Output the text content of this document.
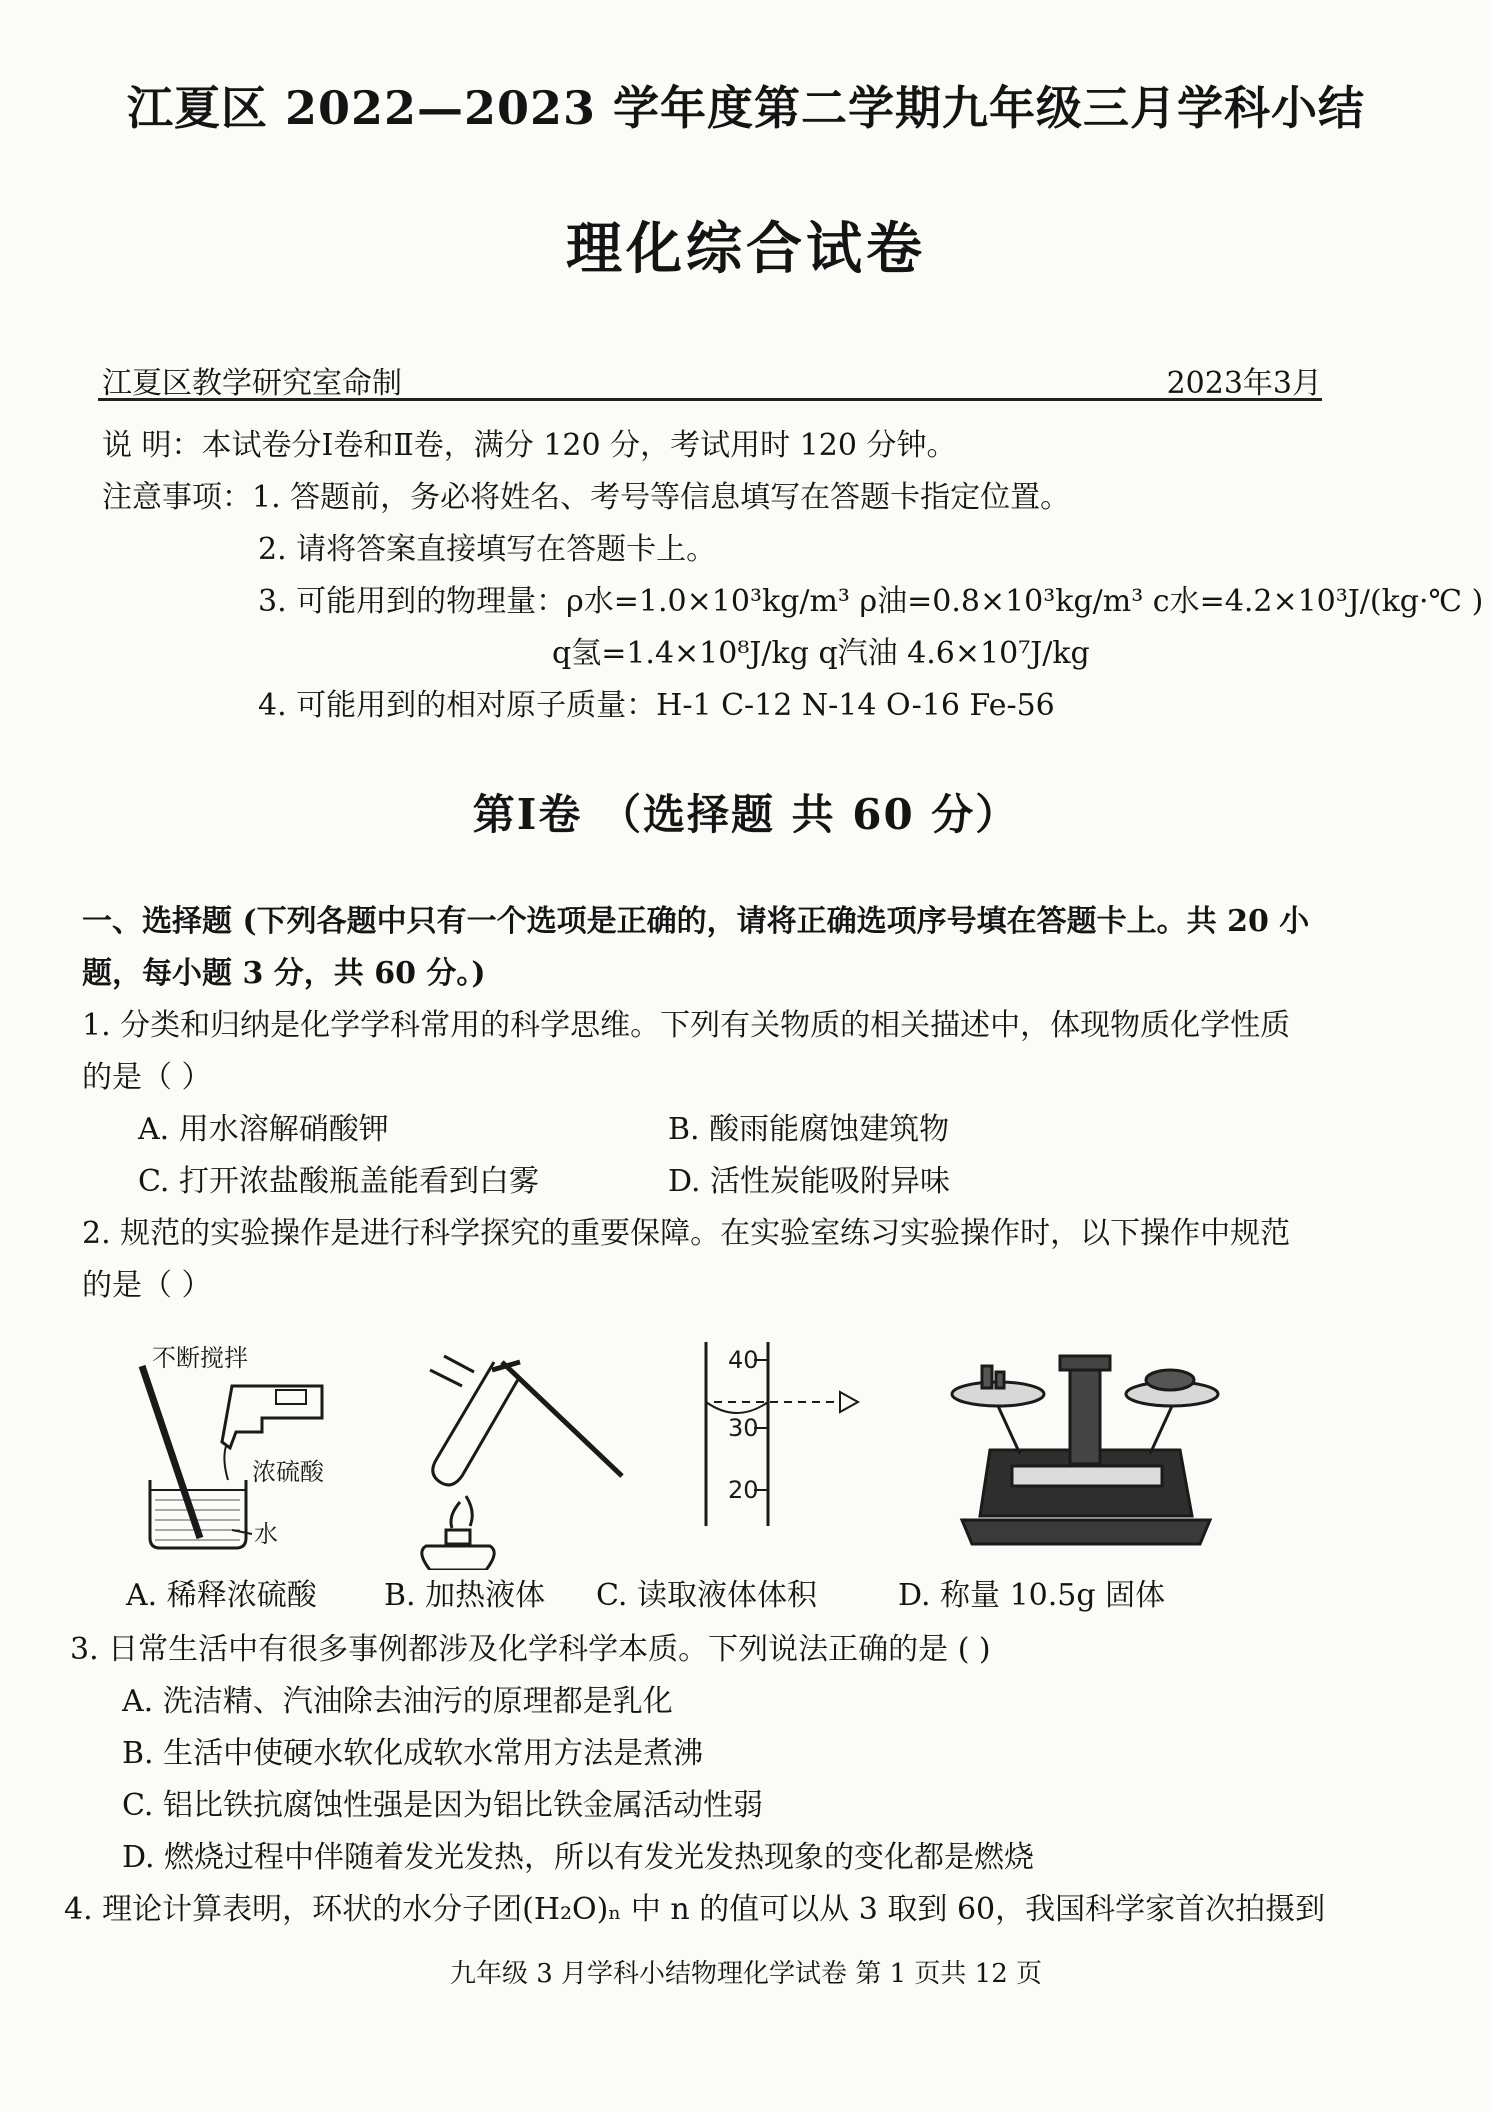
江夏区 2022—2023 学年度第二学期九年级三月学科小结
理化综合试卷
江夏区教学研究室命制	2023年3月
说 明：本试卷分Ⅰ卷和Ⅱ卷，满分 120 分，考试用时 120 分钟。
注意事项：1. 答题前，务必将姓名、考号等信息填写在答题卡指定位置。
2. 请将答案直接填写在答题卡上。
3. 可能用到的物理量：ρ水=1.0×10³kg/m³ ρ油=0.8×10³kg/m³ c水=4.2×10³J/(kg·℃ )
q氢=1.4×10⁸J/kg q汽油 4.6×10⁷J/kg
4. 可能用到的相对原子质量：H-1 C-12 N-14 O-16 Fe-56
第Ⅰ卷 （选择题 共 60 分）
一、选择题 (下列各题中只有一个选项是正确的，请将正确选项序号填在答题卡上。共 20 小
题，每小题 3 分，共 60 分。)
1. 分类和归纳是化学学科常用的科学思维。下列有关物质的相关描述中，体现物质化学性质
的是（ ）
A. 用水溶解硝酸钾	B. 酸雨能腐蚀建筑物
C. 打开浓盐酸瓶盖能看到白雾	D. 活性炭能吸附异味
2. 规范的实验操作是进行科学探究的重要保障。在实验室练习实验操作时，以下操作中规范
的是（ ）
不断搅拌
浓硫酸
水
40
30
20
A. 稀释浓硫酸 B. 加热液体 C. 读取液体体积	D. 称量 10.5g 固体
3. 日常生活中有很多事例都涉及化学科学本质。下列说法正确的是 ( )
A. 洗洁精、汽油除去油污的原理都是乳化
B. 生活中使硬水软化成软水常用方法是煮沸
C. 铝比铁抗腐蚀性强是因为铝比铁金属活动性弱
D. 燃烧过程中伴随着发光发热，所以有发光发热现象的变化都是燃烧
4. 理论计算表明，环状的水分子团(H₂O)ₙ 中 n 的值可以从 3 取到 60，我国科学家首次拍摄到
九年级 3 月学科小结物理化学试卷 第 1 页共 12 页
